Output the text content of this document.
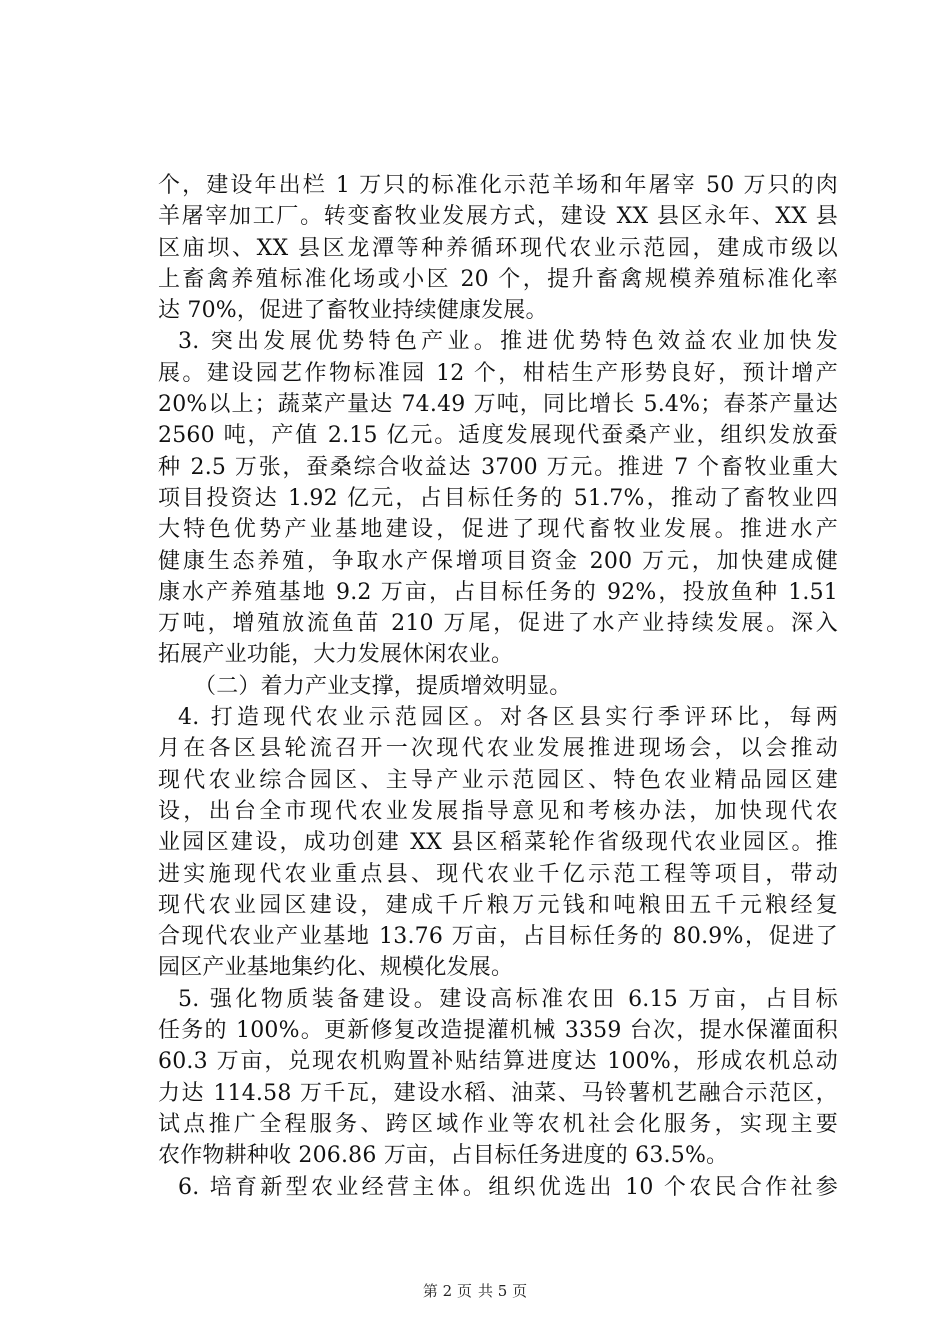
个，建设年出栏 1 万只的标准化示范羊场和年屠宰 50 万只的肉
羊屠宰加工厂。转变畜牧业发展方式，建设 XX 县区永年、XX 县
区庙坝、XX 县区龙潭等种养循环现代农业示范园，建成市级以
上畜禽养殖标准化场或小区 20 个，提升畜禽规模养殖标准化率
达 70%，促进了畜牧业持续健康发展。
3. 突出发展优势特色产业。推进优势特色效益农业加快发
展。建设园艺作物标准园 12 个，柑桔生产形势良好，预计增产
20%以上；蔬菜产量达 74.49 万吨，同比增长 5.4%；春茶产量达
2560 吨，产值 2.15 亿元。适度发展现代蚕桑产业，组织发放蚕
种 2.5 万张，蚕桑综合收益达 3700 万元。推进 7 个畜牧业重大
项目投资达 1.92 亿元，占目标任务的 51.7%，推动了畜牧业四
大特色优势产业基地建设，促进了现代畜牧业发展。推进水产
健康生态养殖，争取水产保增项目资金 200 万元，加快建成健
康水产养殖基地 9.2 万亩，占目标任务的 92%，投放鱼种 1.51
万吨，增殖放流鱼苗 210 万尾，促进了水产业持续发展。深入
拓展产业功能，大力发展休闲农业。
（二）着力产业支撑，提质增效明显。
4. 打造现代农业示范园区。对各区县实行季评环比，每两
月在各区县轮流召开一次现代农业发展推进现场会，以会推动
现代农业综合园区、主导产业示范园区、特色农业精品园区建
设，出台全市现代农业发展指导意见和考核办法，加快现代农
业园区建设，成功创建 XX 县区稻菜轮作省级现代农业园区。推
进实施现代农业重点县、现代农业千亿示范工程等项目，带动
现代农业园区建设，建成千斤粮万元钱和吨粮田五千元粮经复
合现代农业产业基地 13.76 万亩，占目标任务的 80.9%，促进了
园区产业基地集约化、规模化发展。
5. 强化物质装备建设。建设高标准农田 6.15 万亩，占目标
任务的 100%。更新修复改造提灌机械 3359 台次，提水保灌面积
60.3 万亩，兑现农机购置补贴结算进度达 100%，形成农机总动
力达 114.58 万千瓦，建设水稻、油菜、马铃薯机艺融合示范区，
试点推广全程服务、跨区域作业等农机社会化服务，实现主要
农作物耕种收 206.86 万亩，占目标任务进度的 63.5%。
6. 培育新型农业经营主体。组织优选出 10 个农民合作社参
第 2 页 共 5 页
